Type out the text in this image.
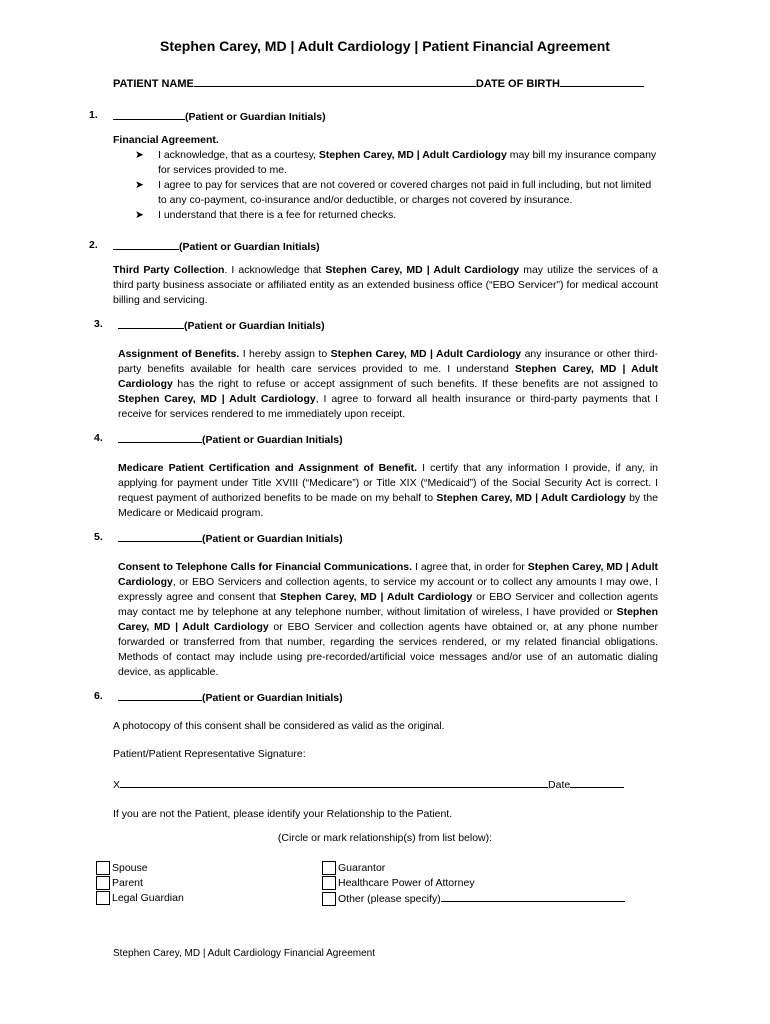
Stephen Carey, MD | Adult Cardiology | Patient Financial Agreement
PATIENT NAME	DATE OF BIRTH
1.	(Patient or Guardian Initials)
Financial Agreement.
➤ I acknowledge, that as a courtesy, Stephen Carey, MD | Adult Cardiology may bill my insurance company for services provided to me.
➤ I agree to pay for services that are not covered or covered charges not paid in full including, but not limited to any co-payment, co-insurance and/or deductible, or charges not covered by insurance.
➤ I understand that there is a fee for returned checks.
2.	(Patient or Guardian Initials)
Third Party Collection. I acknowledge that Stephen Carey, MD | Adult Cardiology may utilize the services of a third party business associate or affiliated entity as an extended business office (“EBO Servicer”) for medical account billing and servicing.
3.	(Patient or Guardian Initials)
Assignment of Benefits. I hereby assign to Stephen Carey, MD | Adult Cardiology any insurance or other third-party benefits available for health care services provided to me. I understand Stephen Carey, MD | Adult Cardiology has the right to refuse or accept assignment of such benefits. If these benefits are not assigned to Stephen Carey, MD | Adult Cardiology, I agree to forward all health insurance or third-party payments that I receive for services rendered to me immediately upon receipt.
4.	(Patient or Guardian Initials)
Medicare Patient Certification and Assignment of Benefit. I certify that any information I provide, if any, in applying for payment under Title XVIII (“Medicare”) or Title XIX (“Medicaid”) of the Social Security Act is correct. I request payment of authorized benefits to be made on my behalf to Stephen Carey, MD | Adult Cardiology by the Medicare or Medicaid program.
5.	(Patient or Guardian Initials)
Consent to Telephone Calls for Financial Communications. I agree that, in order for Stephen Carey, MD | Adult Cardiology, or EBO Servicers and collection agents, to service my account or to collect any amounts I may owe, I expressly agree and consent that Stephen Carey, MD | Adult Cardiology or EBO Servicer and collection agents may contact me by telephone at any telephone number, without limitation of wireless, I have provided or Stephen Carey, MD | Adult Cardiology or EBO Servicer and collection agents have obtained or, at any phone number forwarded or transferred from that number, regarding the services rendered, or my related financial obligations. Methods of contact may include using pre-recorded/artificial voice messages and/or use of an automatic dialing device, as applicable.
6.	(Patient or Guardian Initials)
A photocopy of this consent shall be considered as valid as the original.
Patient/Patient Representative Signature:
X	Date
If you are not the Patient, please identify your Relationship to the Patient.
(Circle or mark relationship(s) from list below):
Spouse
Parent
Legal Guardian
Guarantor
Healthcare Power of Attorney
Other (please specify)
Stephen Carey, MD | Adult Cardiology Financial Agreement
